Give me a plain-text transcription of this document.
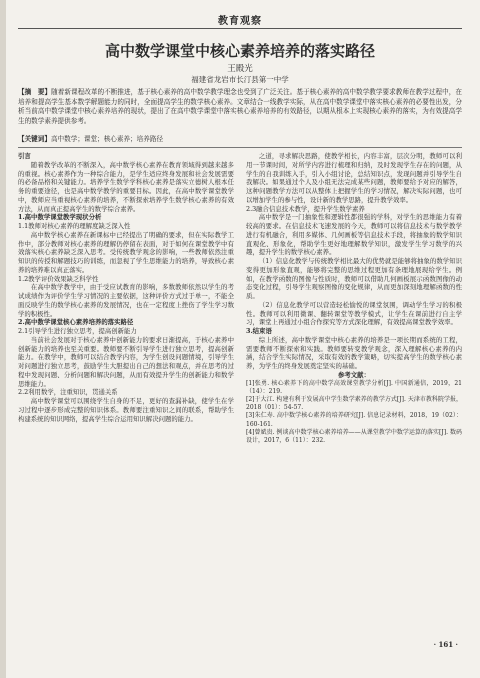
教育观察
高中数学课堂中核心素养培养的落实路径
王殿光
福建省龙岩市长汀县第一中学
【摘　要】随着新课程改革的不断推进，基于核心素养的高中数学教学理念也受到了广泛关注。基于核心素养的高中数学教学要求教师在教学过程中，在培养和提高学生基本数学解题能力的同时，全面提高学生的数学核心素养。文章结合一线教学实际，从在高中数学课堂中落实核心素养的必要性出发，分析当前高中数学课堂中核心素养培养的现状，提出了在高中数学课堂中落实核心素养培养的有效路径，以期从根本上实现核心素养的落实，为有效提高学生的数学素养提供参考。
【关键词】高中数学；课堂；核心素养；培养路径

引言

随着教学改革的不断深入，高中数学核心素养在教育领域得到越来越多的重视。核心素养作为一种综合能力，是学生适应终身发展和社会发展需要的必备品格和关键能力。培养学生数学学科核心素养是落实立德树人根本任务的重要途径，也是高中数学教学的重要目标。因此，在高中数学课堂教学中，教师应当重视核心素养的培养，不断探索培养学生数学核心素养的有效方法，从而真正提高学生的数学综合素养。

1.高中数学课堂教学现状分析

1.1教师对核心素养的理解度缺乏深入性

高中数学核心素养在新课标中已经提出了明确的要求，但在实际教学工作中，部分教师对核心素养的理解仍停留在表面，对于如何在课堂教学中有效落实核心素养缺乏深入思考。受传统教学观念的影响，一些教师依然注重知识的传授和解题技巧的训练，而忽视了学生思维能力的培养，导致核心素养的培养难以真正落实。

1.2教学评价效果缺乏科学性

在高中数学教学中，由于受应试教育的影响，多数教师依然以学生的考试成绩作为评价学生学习情况的主要依据，这种评价方式过于单一，不能全面反映学生的数学核心素养的发展情况，也在一定程度上挫伤了学生学习数学的积极性。

2.高中数学课堂核心素养培养的落实路径

2.1引导学生进行独立思考，提高创新能力

当前社会发展对于核心素养中创新能力的要求日渐提高，于核心素养中创新能力的培养也至关重要。教师要不断引导学生进行独立思考，提高创新能力。在教学中，教师可以结合教学内容，为学生创设问题情境，引导学生对问题进行独立思考，鼓励学生大胆提出自己的想法和观点，并在思考的过程中发现问题、分析问题和解决问题，从而有效提升学生的创新能力和数学思维能力。

2.2利用数学，注重知识，贯通关系

高中数学课堂可以围绕学生自身的不足，更好的查漏补缺，使学生在学习过程中逐步形成完整的知识体系。教师要注重知识之间的联系，帮助学生构建系统的知识网络，提高学生综合运用知识解决问题的能力。

之道，寻求解决思路，使教学相长，内容丰富，层次分明，教师可以利用一节课时间，对所学内容进行梳理和归纳，及时发现学生存在的问题，从学生的自我训练入手，引入小组讨论，总结知识点，发现问题并引导学生自我解决。如果通过个人及小组无法完成某些问题，教师要给予对应的解答，这种问题教学方法可以从整体上把握学生的学习情况，解决实际问题，也可以增加学生的参与性，设计新的教学思路，提升教学效率。

2.3融合信息技术教学，提升学生数学素养

高中数学是一门抽象性和逻辑性都很强的学科，对学生的思维能力有着较高的要求。在信息技术飞速发展的今天，教师可以将信息技术与数学教学进行有机融合，利用多媒体、几何画板等信息技术手段，将抽象的数学知识直观化、形象化，帮助学生更好地理解数学知识，激发学生学习数学的兴趣，提升学生的数学核心素养。

（1）信息化教学与传统教学相比最大的优势就是能够将抽象的数学知识变得更加形象直观，能够将完整的思维过程更加有条理地展现给学生。例如，在教学函数的图像与性质时，教师可以借助几何画板展示函数图像的动态变化过程，引导学生观察图像的变化规律，从而更加深刻地理解函数的性质。

（2）信息化教学可以营造轻松愉悦的课堂氛围，调动学生学习的积极性。教师可以利用微课、翻转课堂等教学模式，让学生在课前进行自主学习，课堂上再通过小组合作探究等方式深化理解，有效提高课堂教学效率。

3.结束语

综上所述，高中数学课堂中核心素养的培养是一项长期而系统的工程，需要教师不断探索和实践。教师要转变教学观念，深入理解核心素养的内涵，结合学生实际情况，采取有效的教学策略，切实提高学生的数学核心素养，为学生的终身发展奠定坚实的基础。

参考文献：

[1]张勇. 核心素养下的高中数学高效课堂教学分析[J]. 中国新通信，2019，21（14）：219.

[2]于大江. 构建有利于发展高中学生数学素养的教学方式[J]. 天津市教科院学报，2018（01）：54-57.

[3]朱仁寿. 高中数学核心素养的培养研究[J]. 信息记录材料，2018，19（02）：160-161.

[4]曾斌贵. 例谈高中数学核心素养培养——从课堂教学中数学运算的落实[J]. 数码设计，2017，6（11）：232.

· 161 ·
